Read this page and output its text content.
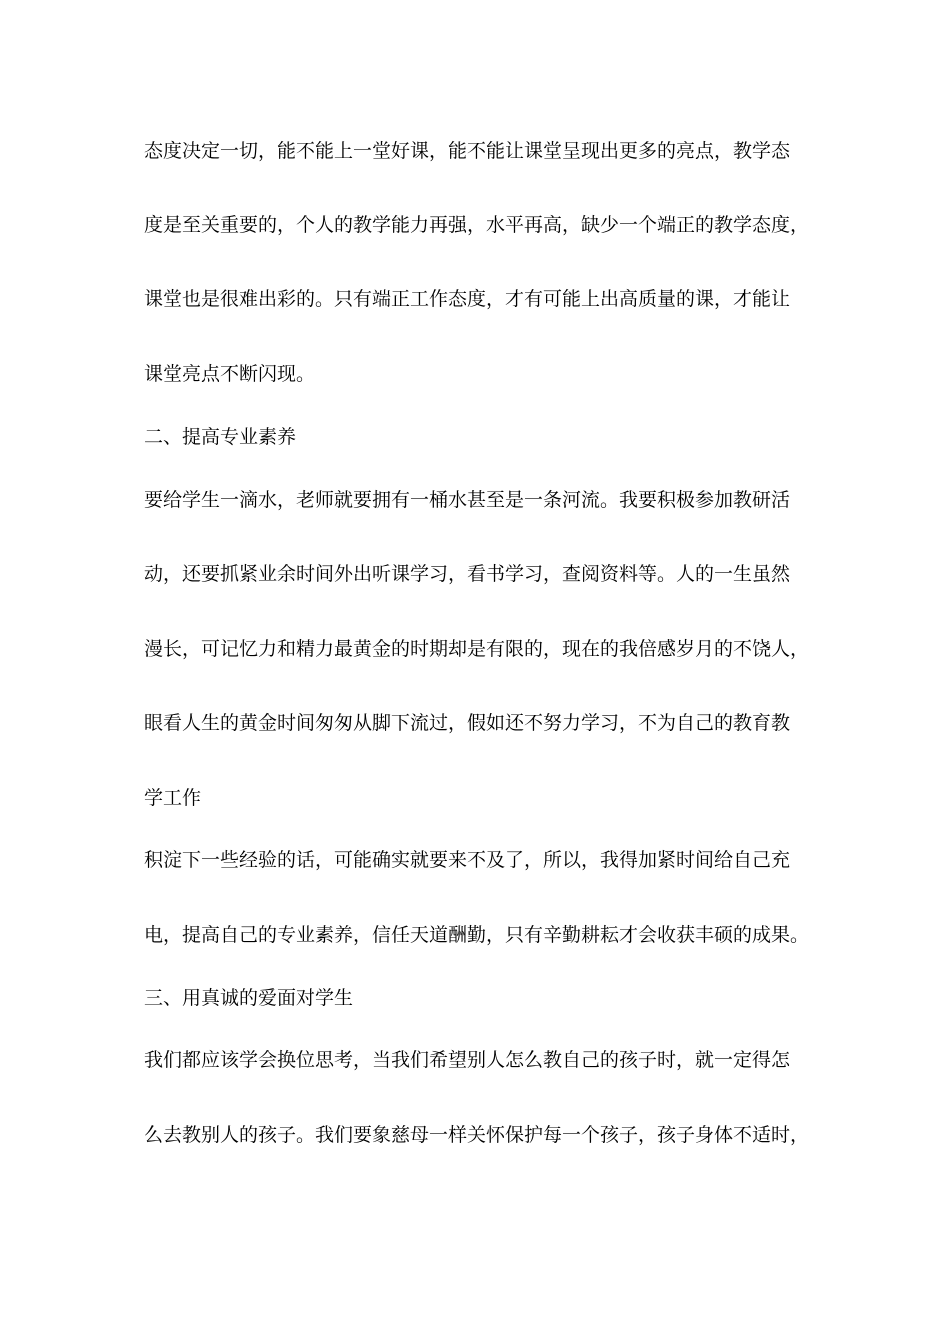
态度决定一切，能不能上一堂好课，能不能让课堂呈现出更多的亮点，教学态
度是至关重要的，个人的教学能力再强，水平再高，缺少一个端正的教学态度，
课堂也是很难出彩的。只有端正工作态度，才有可能上出高质量的课，才能让
课堂亮点不断闪现。
二、提高专业素养
要给学生一滴水，老师就要拥有一桶水甚至是一条河流。我要积极参加教研活
动，还要抓紧业余时间外出听课学习，看书学习，查阅资料等。人的一生虽然
漫长，可记忆力和精力最黄金的时期却是有限的，现在的我倍感岁月的不饶人，
眼看人生的黄金时间匆匆从脚下流过，假如还不努力学习，不为自己的教育教
学工作
积淀下一些经验的话，可能确实就要来不及了，所以，我得加紧时间给自己充
电，提高自己的专业素养，信任天道酬勤，只有辛勤耕耘才会收获丰硕的成果。
三、用真诚的爱面对学生
我们都应该学会换位思考，当我们希望别人怎么教自己的孩子时，就一定得怎
么去教别人的孩子。我们要象慈母一样关怀保护每一个孩子，孩子身体不适时，
